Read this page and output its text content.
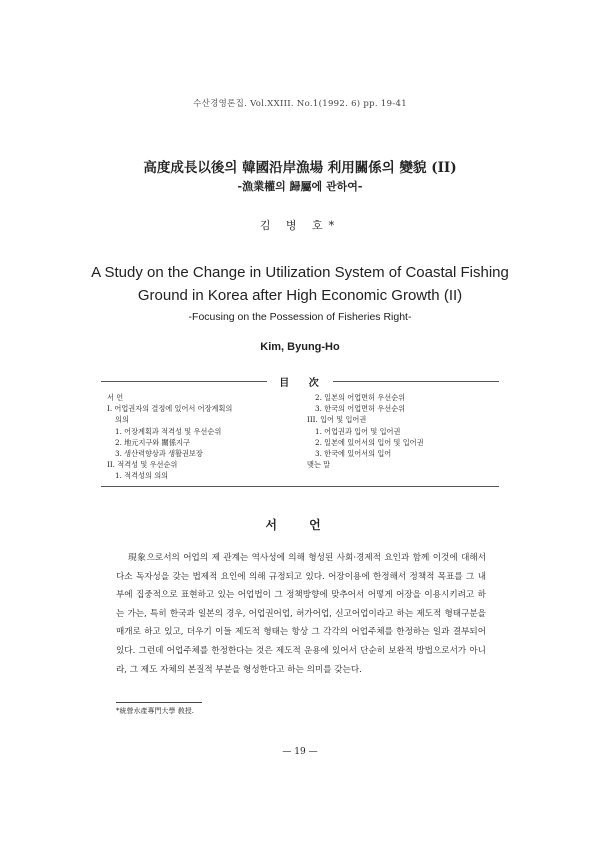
수산경영론집. Vol.XXIII. No.1(1992. 6) pp. 19-41
高度成長以後의 韓國沿岸漁場 利用關係의 變貌 (II)
-漁業權의 歸屬에 관하여-
김 병 호*
A Study on the Change in Utilization System of Coastal Fishing
Ground in Korea after High Economic Growth (II)
-Focusing on the Possession of Fisheries Right-
Kim, Byung-Ho
目 次
서 언
I. 어업권자의 결정에 있어서 어장계획의
의의
1. 어장계획과 적격성 및 우선순위
2. 地元지구와 關係지구
3. 생산력향상과 생활권보장
II. 적격성 및 우선순위
1. 적격성의 의의
2. 일본의 어업면허 우선순위
3. 한국의 어업면허 우선순위
III. 입어 및 입어권
1. 어업권과 입어 및 입어권
2. 일본에 있어서의 입어 및 입어권
3. 한국에 있어서의 입어
맺는 말
서 언
現象으로서의 어업의 제 관계는 역사성에 의해 형성된 사회·경제적 요인과 함께 이것에 대해서 다소 독자성을 갖는 법제적 요인에 의해 규정되고 있다. 어장이용에 한정해서 정책적 목표를 그 내부에 집중적으로 표현하고 있는 어업법이 그 정책방향에 맞추어서 어떻게 어장을 이용시키려고 하는 가는, 특히 한국과 일본의 경우, 어업권어업, 허가어업, 신고어업이라고 하는 제도적 형태구분을 매개로 하고 있고, 더우기 이들 제도적 형태는 항상 그 각각의 어업주체를 한정하는 일과 결부되어 있다. 그런데 어업주체를 한정한다는 것은 제도적 운용에 있어서 단순히 보완적 방법으로서가 아니라, 그 제도 자체의 본질적 부분을 형성한다고 하는 의미를 갖는다.
*統營水產專門大學 敎授.
— 19 —
